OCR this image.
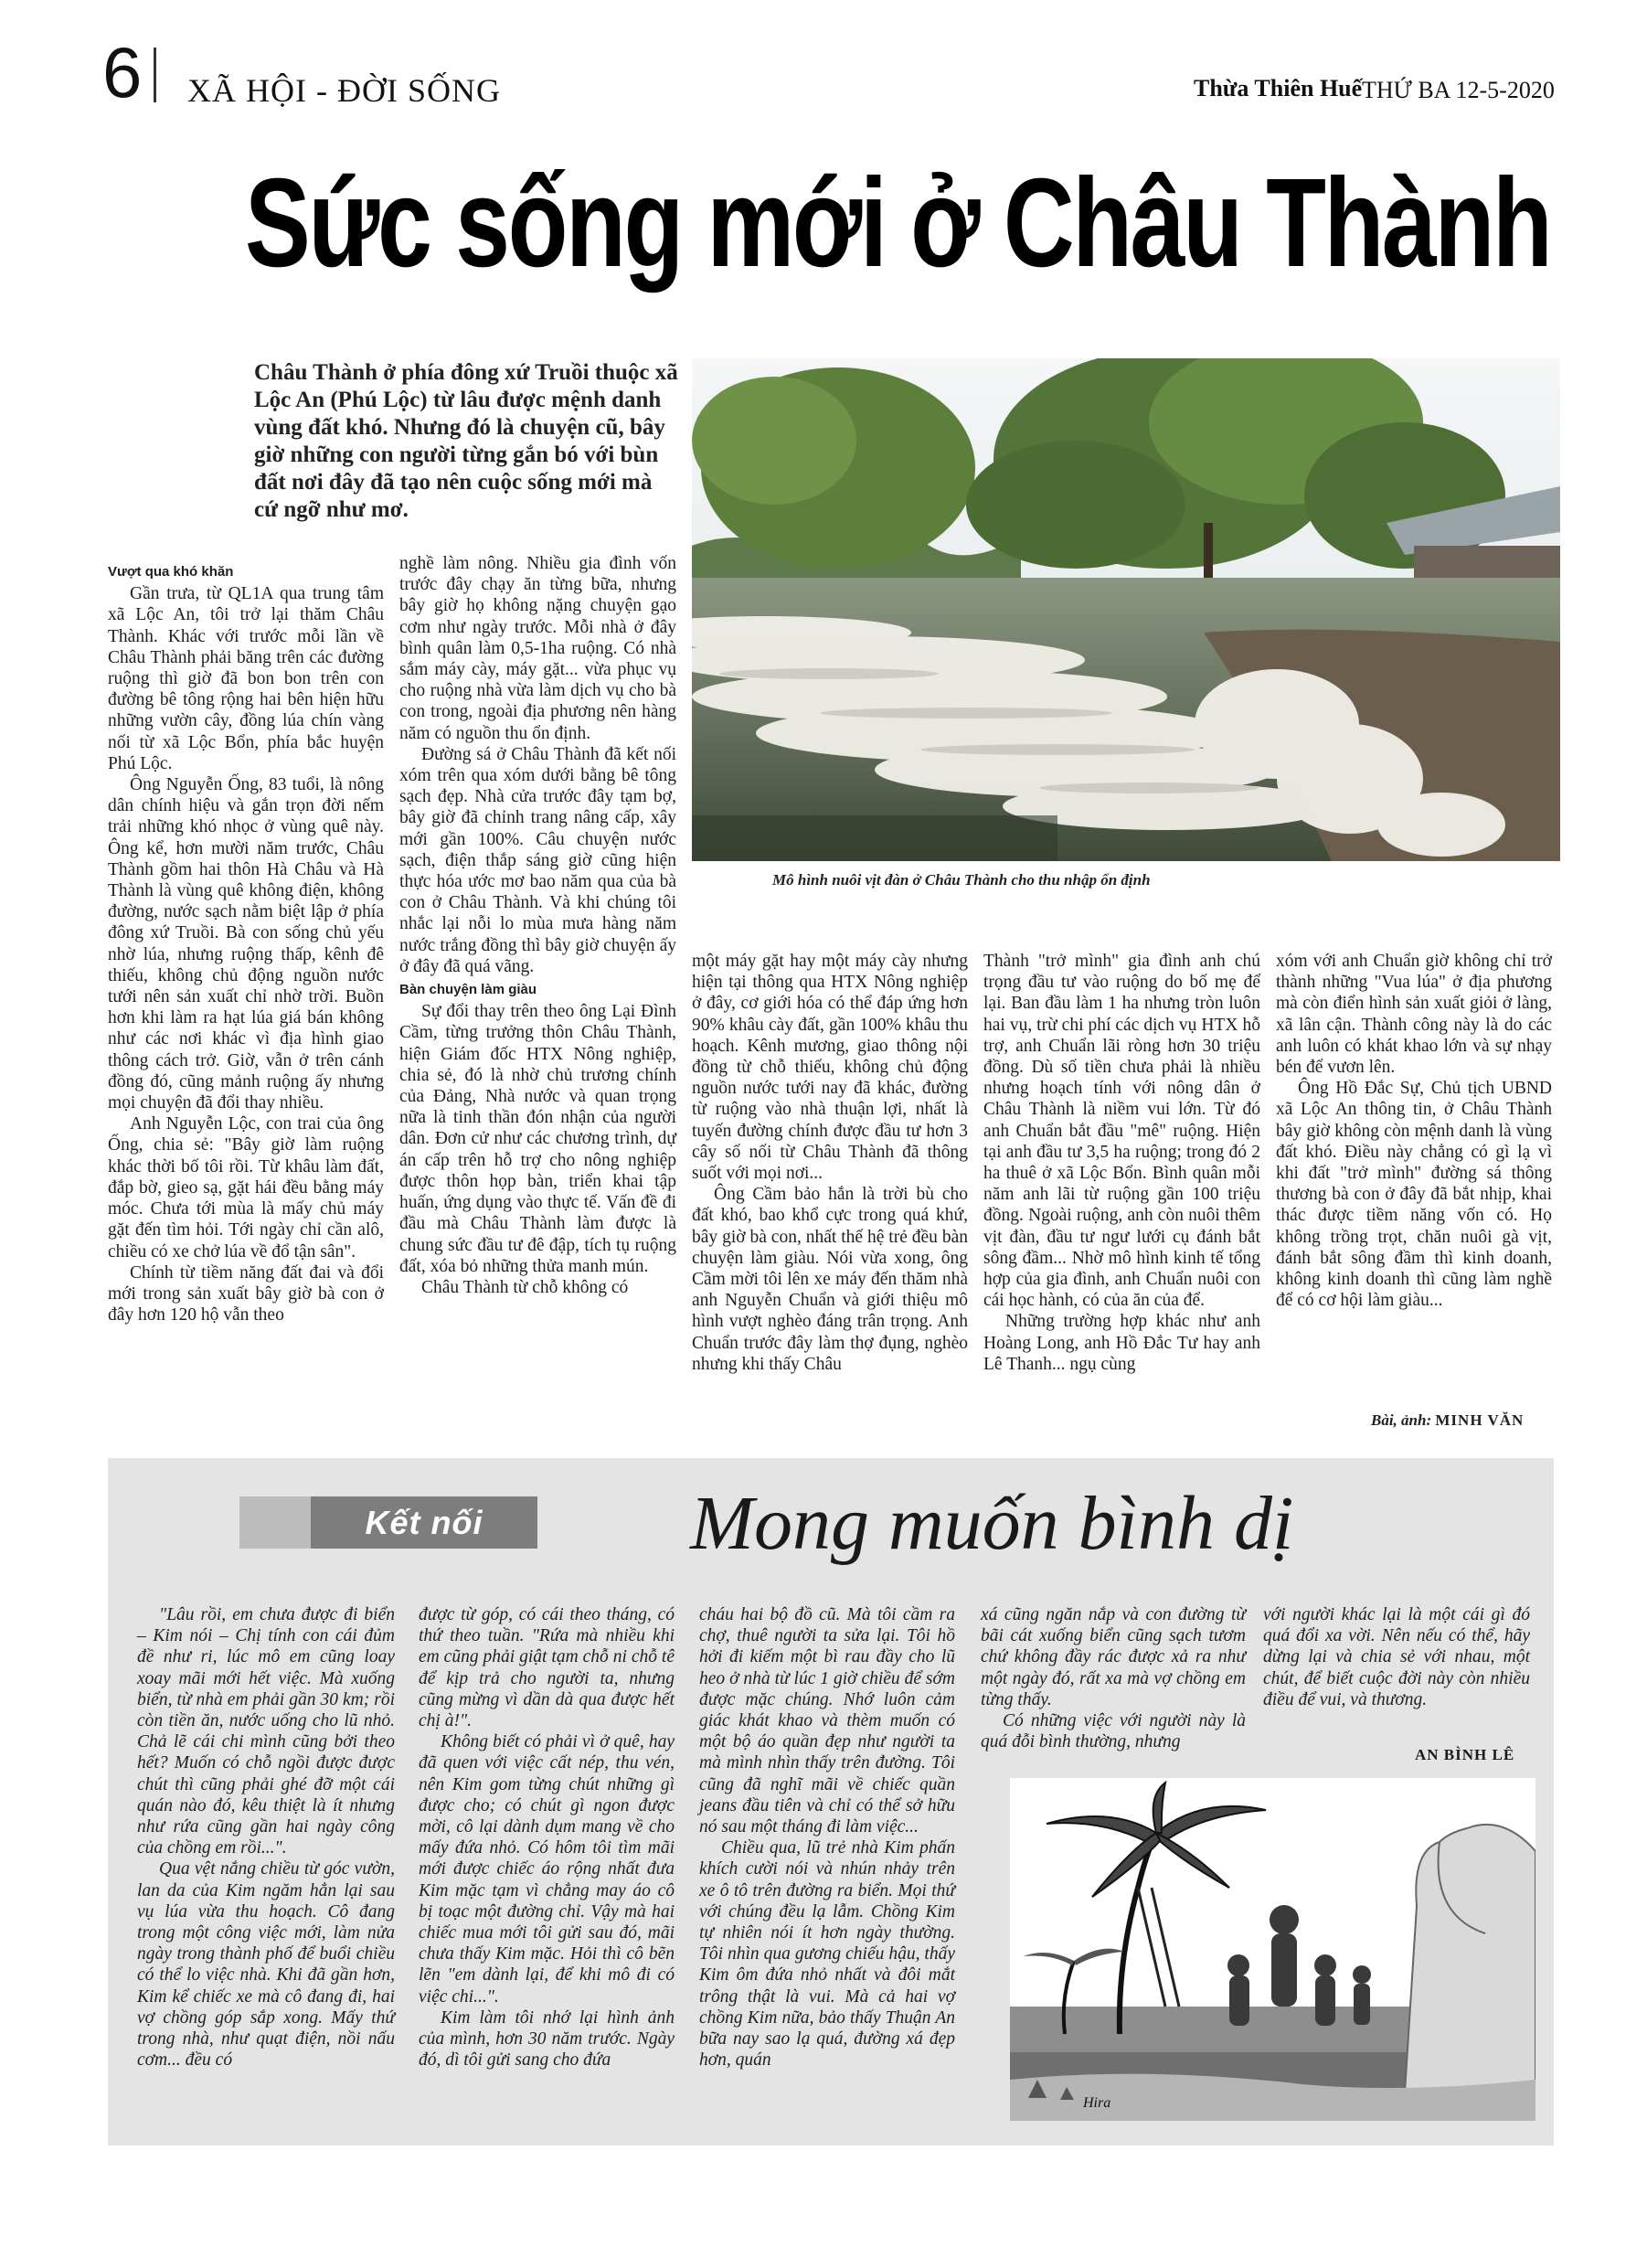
6 XÃ HỘI - ĐỜI SỐNG	Thừa Thiên Huế THỨ BA 12-5-2020
Sức sống mới ở Châu Thành
Châu Thành ở phía đông xứ Truồi thuộc xã Lộc An (Phú Lộc) từ lâu được mệnh danh vùng đất khó. Nhưng đó là chuyện cũ, bây giờ những con người từng gắn bó với bùn đất nơi đây đã tạo nên cuộc sống mới mà cứ ngỡ như mơ.
Mô hình nuôi vịt đàn ở Châu Thành cho thu nhập ổn định

Vượt qua khó khăn

Gần trưa, từ QL1A qua trung tâm xã Lộc An, tôi trở lại thăm Châu Thành. Khác với trước mỗi lần về Châu Thành phải băng trên các đường ruộng thì giờ đã bon bon trên con đường bê tông rộng hai bên hiện hữu những vườn cây, đồng lúa chín vàng nối từ xã Lộc Bổn, phía bắc huyện Phú Lộc.

Ông Nguyễn Ống, 83 tuổi, là nông dân chính hiệu và gắn trọn đời nếm trải những khó nhọc ở vùng quê này. Ông kể, hơn mười năm trước, Châu Thành gồm hai thôn Hà Châu và Hà Thành là vùng quê không điện, không đường, nước sạch nằm biệt lập ở phía đông xứ Truồi. Bà con sống chủ yếu nhờ lúa, nhưng ruộng thấp, kênh đê thiếu, không chủ động nguồn nước tưới nên sản xuất chỉ nhờ trời. Buồn hơn khi làm ra hạt lúa giá bán không như các nơi khác vì địa hình giao thông cách trở. Giờ, vẫn ở trên cánh đồng đó, cũng mảnh ruộng ấy nhưng mọi chuyện đã đổi thay nhiều.

Anh Nguyễn Lộc, con trai của ông Ống, chia sẻ: "Bây giờ làm ruộng khác thời bố tôi rồi. Từ khâu làm đất, đắp bờ, gieo sạ, gặt hái đều bằng máy móc. Chưa tới mùa là mấy chủ máy gặt đến tìm hỏi. Tới ngày chỉ cần alô, chiều có xe chở lúa về đổ tận sân".

Chính từ tiềm năng đất đai và đổi mới trong sản xuất bây giờ bà con ở đây hơn 120 hộ vẫn theo

nghề làm nông. Nhiều gia đình vốn trước đây chạy ăn từng bữa, nhưng bây giờ họ không nặng chuyện gạo cơm như ngày trước. Mỗi nhà ở đây bình quân làm 0,5-1ha ruộng. Có nhà sắm máy cày, máy gặt... vừa phục vụ cho ruộng nhà vừa làm dịch vụ cho bà con trong, ngoài địa phương nên hàng năm có nguồn thu ổn định.

Đường sá ở Châu Thành đã kết nối xóm trên qua xóm dưới bằng bê tông sạch đẹp. Nhà cửa trước đây tạm bợ, bây giờ đã chỉnh trang nâng cấp, xây mới gần 100%. Câu chuyện nước sạch, điện thắp sáng giờ cũng hiện thực hóa ước mơ bao năm qua của bà con ở Châu Thành. Và khi chúng tôi nhắc lại nỗi lo mùa mưa hàng năm nước trắng đồng thì bây giờ chuyện ấy ở đây đã quá vãng.

Bàn chuyện làm giàu

Sự đổi thay trên theo ông Lại Đình Cầm, từng trưởng thôn Châu Thành, hiện Giám đốc HTX Nông nghiệp, chia sẻ, đó là nhờ chủ trương chính của Đảng, Nhà nước và quan trọng nữa là tinh thần đón nhận của người dân. Đơn cử như các chương trình, dự án cấp trên hỗ trợ cho nông nghiệp được thôn họp bàn, triển khai tập huấn, ứng dụng vào thực tế. Vấn đề đi đầu mà Châu Thành làm được là chung sức đầu tư đê đập, tích tụ ruộng đất, xóa bỏ những thửa manh mún.

Châu Thành từ chỗ không có

một máy gặt hay một máy cày nhưng hiện tại thông qua HTX Nông nghiệp ở đây, cơ giới hóa có thể đáp ứng hơn 90% khâu cày đất, gần 100% khâu thu hoạch. Kênh mương, giao thông nội đồng từ chỗ thiếu, không chủ động nguồn nước tưới nay đã khác, đường từ ruộng vào nhà thuận lợi, nhất là tuyến đường chính được đầu tư hơn 3 cây số nối từ Châu Thành đã thông suốt với mọi nơi...

Ông Cầm bảo hắn là trời bù cho đất khó, bao khổ cực trong quá khứ, bây giờ bà con, nhất thế hệ trẻ đều bàn chuyện làm giàu. Nói vừa xong, ông Cầm mời tôi lên xe máy đến thăm nhà anh Nguyễn Chuẩn và giới thiệu mô hình vượt nghèo đáng trân trọng. Anh Chuẩn trước đây làm thợ đụng, nghèo nhưng khi thấy Châu

Thành "trở mình" gia đình anh chú trọng đầu tư vào ruộng do bố mẹ để lại. Ban đầu làm 1 ha nhưng tròn luôn hai vụ, trừ chi phí các dịch vụ HTX hỗ trợ, anh Chuẩn lãi ròng hơn 30 triệu đồng. Dù số tiền chưa phải là nhiều nhưng hoạch tính với nông dân ở Châu Thành là niềm vui lớn. Từ đó anh Chuẩn bắt đầu "mê" ruộng. Hiện tại anh đầu tư 3,5 ha ruộng; trong đó 2 ha thuê ở xã Lộc Bổn. Bình quân mỗi năm anh lãi từ ruộng gần 100 triệu đồng. Ngoài ruộng, anh còn nuôi thêm vịt đàn, đầu tư ngư lưới cụ đánh bắt sông đầm... Nhờ mô hình kinh tế tổng hợp của gia đình, anh Chuẩn nuôi con cái học hành, có của ăn của để.

Những trường hợp khác như anh Hoàng Long, anh Hồ Đắc Tư hay anh Lê Thanh... ngụ cùng

xóm với anh Chuẩn giờ không chỉ trở thành những "Vua lúa" ở địa phương mà còn điển hình sản xuất giỏi ở làng, xã lân cận. Thành công này là do các anh luôn có khát khao lớn và sự nhạy bén để vươn lên.

Ông Hồ Đắc Sự, Chủ tịch UBND xã Lộc An thông tin, ở Châu Thành bây giờ không còn mệnh danh là vùng đất khó. Điều này chẳng có gì lạ vì khi đất "trở mình" đường sá thông thương bà con ở đây đã bắt nhịp, khai thác được tiềm năng vốn có. Họ không trồng trọt, chăn nuôi gà vịt, đánh bắt sông đầm thì kinh doanh, không kinh doanh thì cũng làm nghề để có cơ hội làm giàu...

Bài, ảnh: MINH VĂN
Kết nối	Mong muốn bình dị

"Lâu rồi, em chưa được đi biển – Kim nói – Chị tính con cái đủm đề như ri, lúc mô em cũng loay xoay mãi mới hết việc. Mà xuống biển, từ nhà em phải gần 30 km; rồi còn tiền ăn, nước uống cho lũ nhỏ. Chả lẽ cái chi mình cũng bởi theo hết? Muốn có chỗ ngồi được được chút thì cũng phải ghé đỡ một cái quán nào đó, kêu thiệt là ít nhưng như rứa cũng gần hai ngày công của chồng em rồi...".

Qua vệt nắng chiều từ góc vườn, lan da của Kim ngăm hẳn lại sau vụ lúa vừa thu hoạch. Cô đang trong một công việc mới, làm nửa ngày trong thành phố để buổi chiều có thể lo việc nhà. Khi đã gần hơn, Kim kể chiếc xe mà cô đang đi, hai vợ chồng góp sắp xong. Mấy thứ trong nhà, như quạt điện, nồi nấu cơm... đều có

được từ góp, có cái theo tháng, có thứ theo tuần. "Rứa mà nhiều khi em cũng phải giật tạm chỗ ni chỗ tê để kịp trả cho người ta, nhưng cũng mừng vì dần dà qua được hết chị à!".

Không biết có phải vì ở quê, hay đã quen với việc cất nép, thu vén, nên Kim gom từng chút những gì được cho; có chút gì ngon được mời, cô lại dành dụm mang về cho mấy đứa nhỏ. Có hôm tôi tìm mãi mới được chiếc áo rộng nhất đưa Kim mặc tạm vì chẳng may áo cô bị toạc một đường chỉ. Vậy mà hai chiếc mua mới tôi gửi sau đó, mãi chưa thấy Kim mặc. Hỏi thì cô bẽn lẽn "em dành lại, để khi mô đi có việc chi...".

Kim làm tôi nhớ lại hình ảnh của mình, hơn 30 năm trước. Ngày đó, dì tôi gửi sang cho đứa

cháu hai bộ đồ cũ. Mà tôi cầm ra chợ, thuê người ta sửa lại. Tôi hồ hởi đi kiếm một bì rau đầy cho lũ heo ở nhà từ lúc 1 giờ chiều để sớm được mặc chúng. Nhớ luôn cảm giác khát khao và thèm muốn có một bộ áo quần đẹp như người ta mà mình nhìn thấy trên đường. Tôi cũng đã nghĩ mãi về chiếc quần jeans đầu tiên và chỉ có thể sở hữu nó sau một tháng đi làm việc...

Chiều qua, lũ trẻ nhà Kim phấn khích cười nói và nhún nhảy trên xe ô tô trên đường ra biển. Mọi thứ với chúng đều lạ lẫm. Chồng Kim tự nhiên nói ít hơn ngày thường. Tôi nhìn qua gương chiếu hậu, thấy Kim ôm đứa nhỏ nhất và đôi mắt trông thật là vui. Mà cả hai vợ chồng Kim nữa, bảo thấy Thuận An bữa nay sao lạ quá, đường xá đẹp hơn, quán

xá cũng ngăn nắp và con đường từ bãi cát xuống biển cũng sạch tươm chứ không đầy rác được xả ra như một ngày đó, rất xa mà vợ chồng em từng thấy.

Có những việc với người này là quá đỗi bình thường, nhưng

với người khác lại là một cái gì đó quá đổi xa vời. Nên nếu có thể, hãy dừng lại và chia sẻ với nhau, một chút, để biết cuộc đời này còn nhiều điều để vui, và thương.

AN BÌNH LÊ
Hira
